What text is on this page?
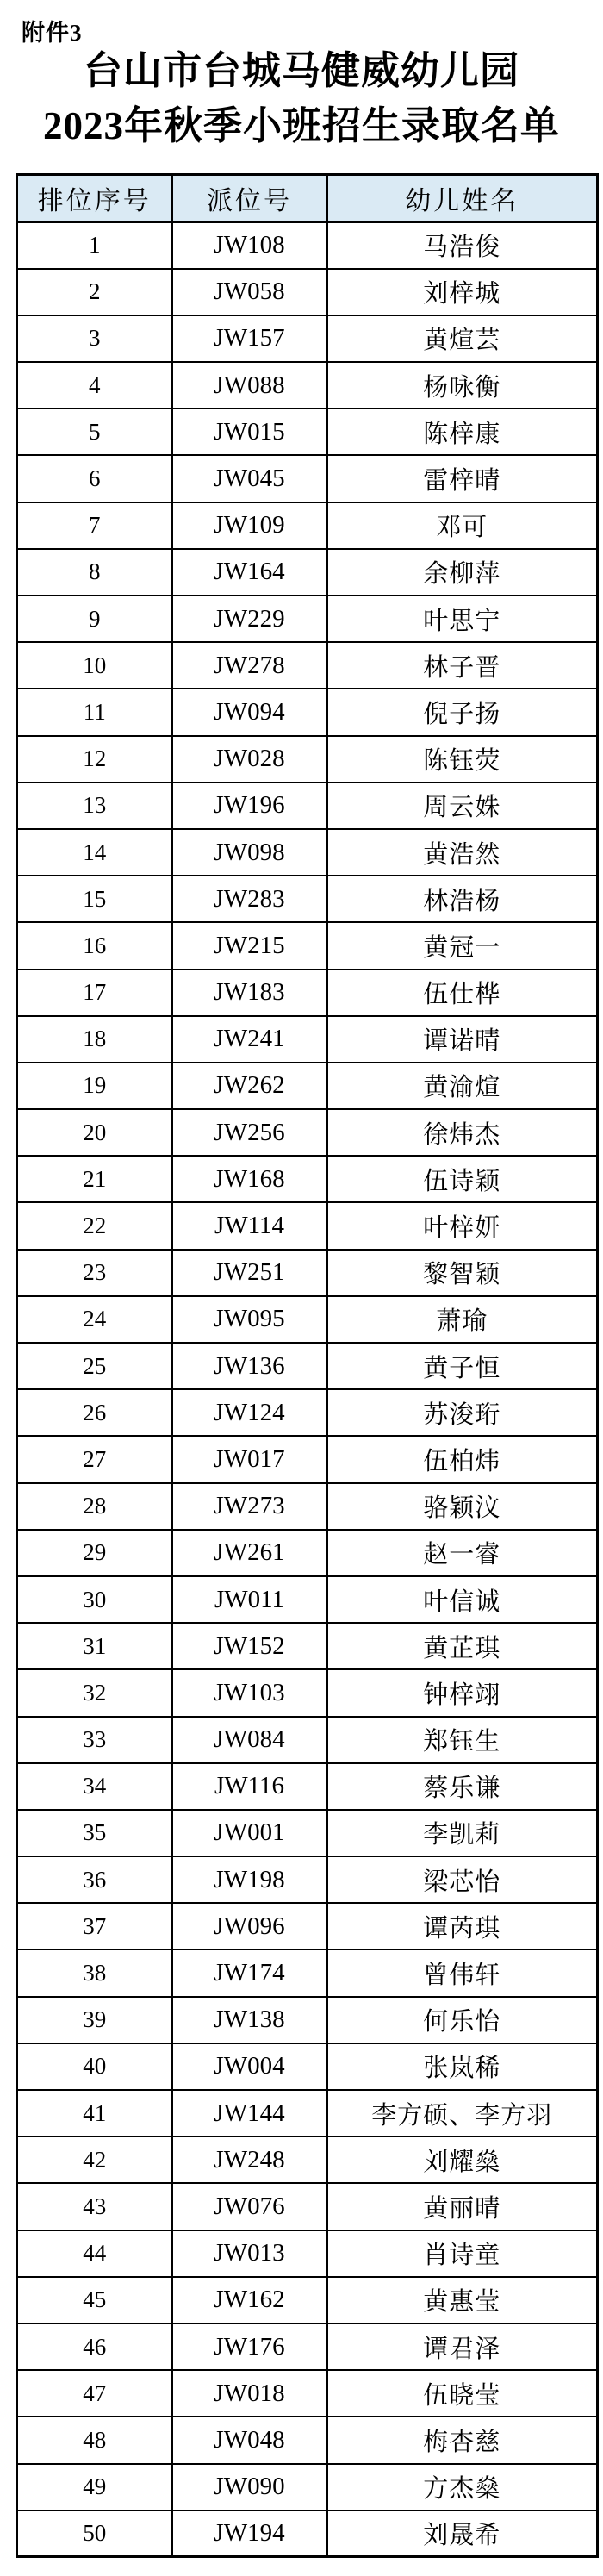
附件3
台山市台城马健威幼儿园
2023年秋季小班招生录取名单
排位序号	派位号	幼儿姓名
1	JW108	马浩俊
2	JW058	刘梓城
3	JW157	黄煊芸
4	JW088	杨咏衡
5	JW015	陈梓康
6	JW045	雷梓晴
7	JW109	邓可
8	JW164	余柳萍
9	JW229	叶思宁
10	JW278	林子晋
11	JW094	倪子扬
12	JW028	陈钰荧
13	JW196	周云姝
14	JW098	黄浩然
15	JW283	林浩杨
16	JW215	黄冠一
17	JW183	伍仕桦
18	JW241	谭诺晴
19	JW262	黄渝煊
20	JW256	徐炜杰
21	JW168	伍诗颖
22	JW114	叶梓妍
23	JW251	黎智颖
24	JW095	萧瑜
25	JW136	黄子恒
26	JW124	苏浚珩
27	JW017	伍柏炜
28	JW273	骆颖汶
29	JW261	赵一睿
30	JW011	叶信诚
31	JW152	黄芷琪
32	JW103	钟梓翊
33	JW084	郑钰生
34	JW116	蔡乐谦
35	JW001	李凯莉
36	JW198	梁芯怡
37	JW096	谭芮琪
38	JW174	曾伟轩
39	JW138	何乐怡
40	JW004	张岚稀
41	JW144	李方硕、李方羽
42	JW248	刘耀燊
43	JW076	黄丽晴
44	JW013	肖诗童
45	JW162	黄惠莹
46	JW176	谭君泽
47	JW018	伍晓莹
48	JW048	梅杏慈
49	JW090	方杰燊
50	JW194	刘晟希
